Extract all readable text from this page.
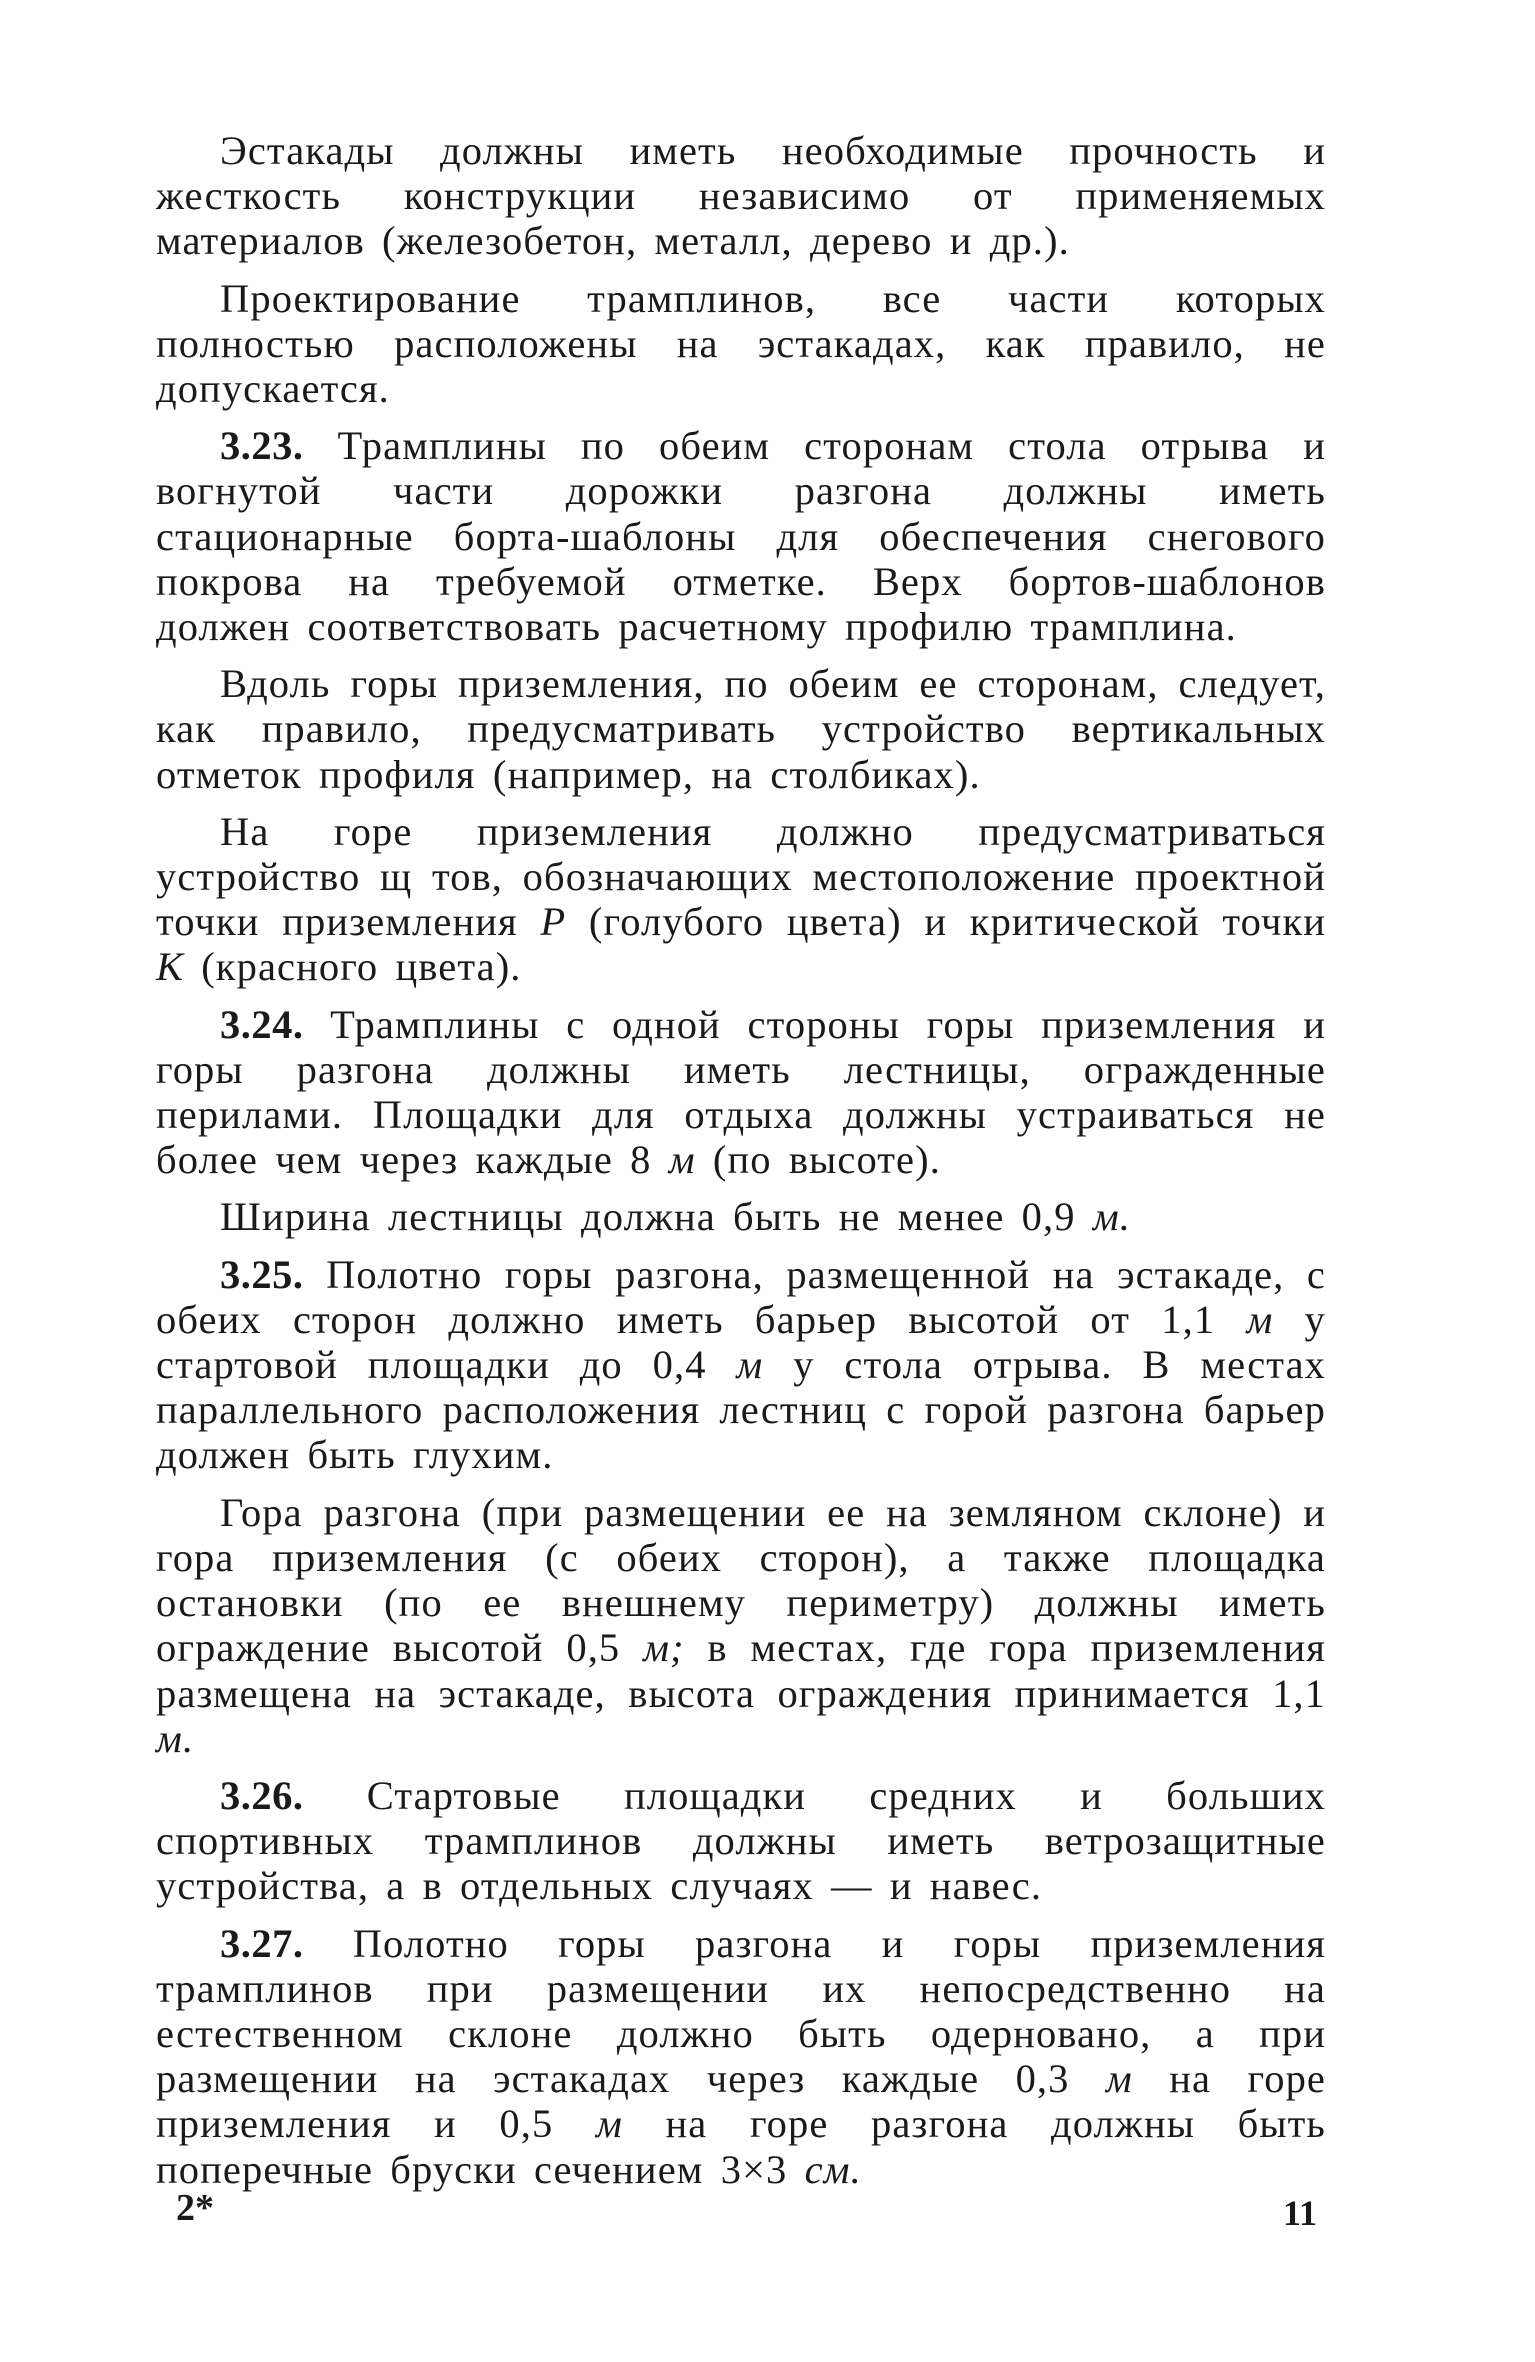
Эстакады должны иметь необходимые прочность и жесткость конструкции независимо от применяемых материалов (железобетон, металл, дерево и др.).

Проектирование трамплинов, все части которых полностью расположены на эстакадах, как правило, не допускается.

3.23. Трамплины по обеим сторонам стола отрыва и вогнутой части дорожки разгона должны иметь стационарные борта-шаблоны для обеспечения снегового покрова на требуемой отметке. Верх бортов-шаблонов должен соответствовать расчетному профилю трамплина.

Вдоль горы приземления, по обеим ее сторонам, следует, как правило, предусматривать устройство вертикальных отметок профиля (например, на столбиках).

На горе приземления должно предусматриваться устройство щ тов, обозначающих местоположение проектной точки приземления Р (голубого цвета) и критической точки К (красного цвета).

3.24. Трамплины с одной стороны горы приземления и горы разгона должны иметь лестницы, огражденные перилами. Площадки для отдыха должны устраиваться не более чем через каждые 8 м (по высоте).

Ширина лестницы должна быть не менее 0,9 м.

3.25. Полотно горы разгона, размещенной на эстакаде, с обеих сторон должно иметь барьер высотой от 1,1 м у стартовой площадки до 0,4 м у стола отрыва. В местах параллельного расположения лестниц с горой разгона барьер должен быть глухим.

Гора разгона (при размещении ее на земляном склоне) и гора приземления (с обеих сторон), а также площадка остановки (по ее внешнему периметру) должны иметь ограждение высотой 0,5 м; в местах, где гора приземления размещена на эстакаде, высота ограждения принимается 1,1 м.

3.26. Стартовые площадки средних и больших спортивных трамплинов должны иметь ветрозащитные устройства, а в отдельных случаях — и навес.

3.27. Полотно горы разгона и горы приземления трамплинов при размещении их непосредственно на естественном склоне должно быть одерновано, а при размещении на эстакадах через каждые 0,3 м на горе приземления и 0,5 м на горе разгона должны быть поперечные бруски сечением 3×3 см.

2*	11
